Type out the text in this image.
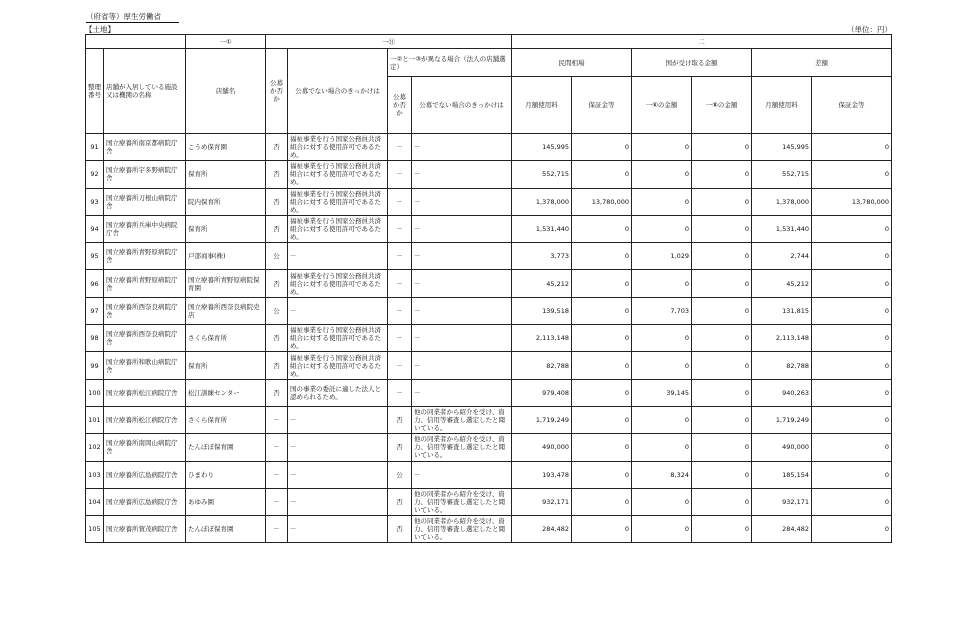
（府省等）厚生労働省
【土地】	（単位：円）
		一①	一⑪				二					
整理番号	店舗が入居している施設又は機関の名称	店舗名	公募か否か	公募でない場合のきっかけは	一②と一③が異なる場合（法人の店舗選定）		民間相場		国が受け取る金額		差額	
					公募か否か	公募でない場合のきっかけは	月額使用料	保証金等	一⑥の金額	一⑧の金額	月額使用料	保証金等
91	国立療養所南京都病院庁舎	こうめ保育園	否	福祉事業を行う国家公務員共済組合に対する使用許可であるため。	－	－	145,995	0	0	0	145,995	0
92	国立療養所宇多野病院庁舎	保育所	否	福祉事業を行う国家公務員共済組合に対する使用許可であるため。	－	－	552,715	0	0	0	552,715	0
93	国立療養所刀根山病院庁舎	院内保育所	否	福祉事業を行う国家公務員共済組合に対する使用許可であるため。	－	－	1,378,000	13,780,000	0	0	1,378,000	13,780,000
94	国立療養所兵庫中央病院庁舎	保育所	否	福祉事業を行う国家公務員共済組合に対する使用許可であるため。	－	－	1,531,440	0	0	0	1,531,440	0
95	国立療養所青野原病院庁舎	戸部商事(株)	公	－	－	－	3,773	0	1,029	0	2,744	0
96	国立療養所青野原病院庁舎	国立療養所青野原病院保育園	否	福祉事業を行う国家公務員共済組合に対する使用許可であるため。	－	－	45,212	0	0	0	45,212	0
97	国立療養所西奈良病院庁舎	国立療養所西奈良病院売店	公	－	－	－	139,518	0	7,703	0	131,815	0
98	国立療養所西奈良病院庁舎	さくら保育所	否	福祉事業を行う国家公務員共済組合に対する使用許可であるため。	－	－	2,113,148	0	0	0	2,113,148	0
99	国立療養所和歌山病院庁舎	保育所	否	福祉事業を行う国家公務員共済組合に対する使用許可であるため。	－	－	82,788	0	0	0	82,788	0
100	国立療養所松江病院庁舎	松江訓練センター	否	国の事業の委託に適した法人と認められるため。	－	－	979,408	0	39,145	0	940,263	0
101	国立療養所松江病院庁舎	さくら保育所	－	－	否	他の同業者から紹介を受け、資力、信用等審査し選定したと聞いている。	1,719,249	0	0	0	1,719,249	0
102	国立療養所南岡山病院庁舎	たんぽぽ保育園	－	－	否	他の同業者から紹介を受け、資力、信用等審査し選定したと聞いている。	490,000	0	0	0	490,000	0
103	国立療養所広島病院庁舎	ひまわり	－	－	公	－	193,478	0	8,324	0	185,154	0
104	国立療養所広島病院庁舎	あゆみ園	－	－	否	他の同業者から紹介を受け、資力、信用等審査し選定したと聞いている。	932,171	0	0	0	932,171	0
105	国立療養所賀茂病院庁舎	たんぽぽ保育園	－	－	否	他の同業者から紹介を受け、資力、信用等審査し選定したと聞いている。	284,482	0	0	0	284,482	0
